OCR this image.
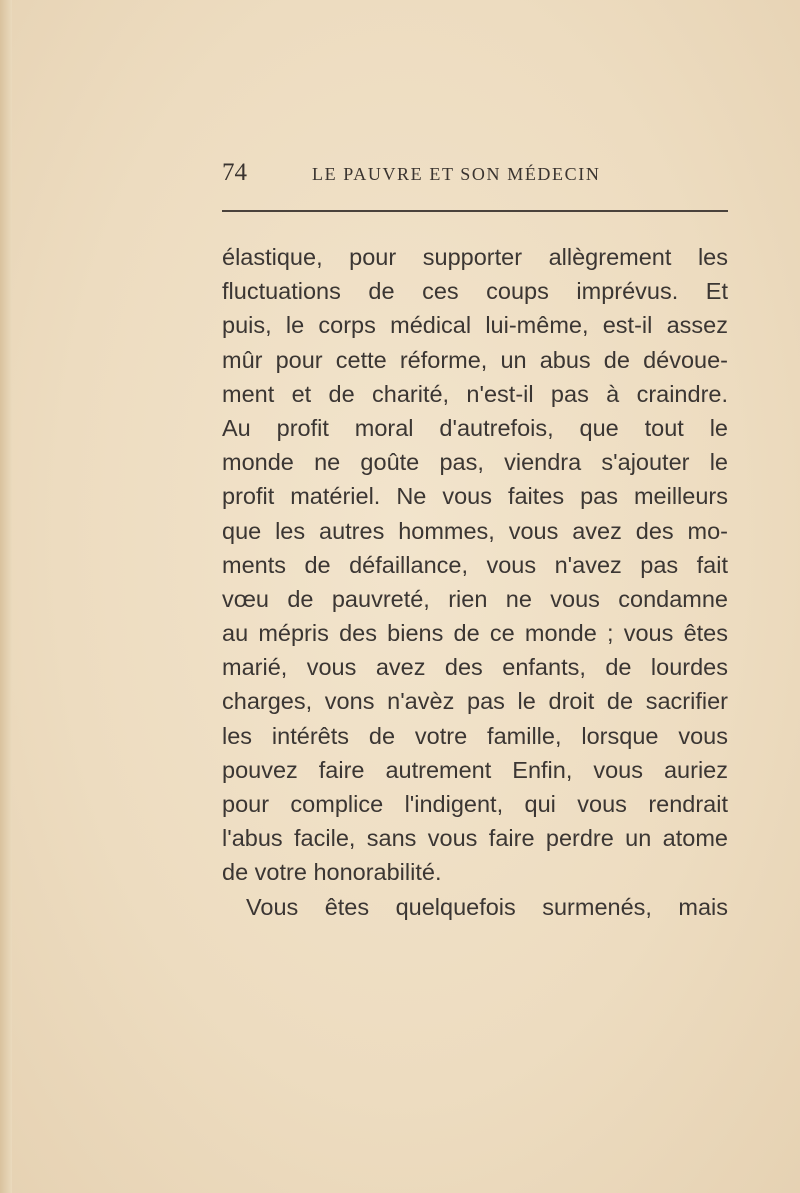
74	LE PAUVRE ET SON MÉDECIN
élastique, pour supporter allègrement les
fluctuations de ces coups imprévus. Et
puis, le corps médical lui-même, est-il assez
mûr pour cette réforme, un abus de dévoue-
ment et de charité, n'est-il pas à craindre.
Au profit moral d'autrefois, que tout le
monde ne goûte pas, viendra s'ajouter le
profit matériel. Ne vous faites pas meilleurs
que les autres hommes, vous avez des mo-
ments de défaillance, vous n'avez pas fait
vœu de pauvreté, rien ne vous condamne
au mépris des biens de ce monde ; vous êtes
marié, vous avez des enfants, de lourdes
charges, vons n'avèz pas le droit de sacrifier
les intérêts de votre famille, lorsque vous
pouvez faire autrement Enfin, vous auriez
pour complice l'indigent, qui vous rendrait
l'abus facile, sans vous faire perdre un atome
de votre honorabilité.
Vous êtes quelquefois surmenés, mais
